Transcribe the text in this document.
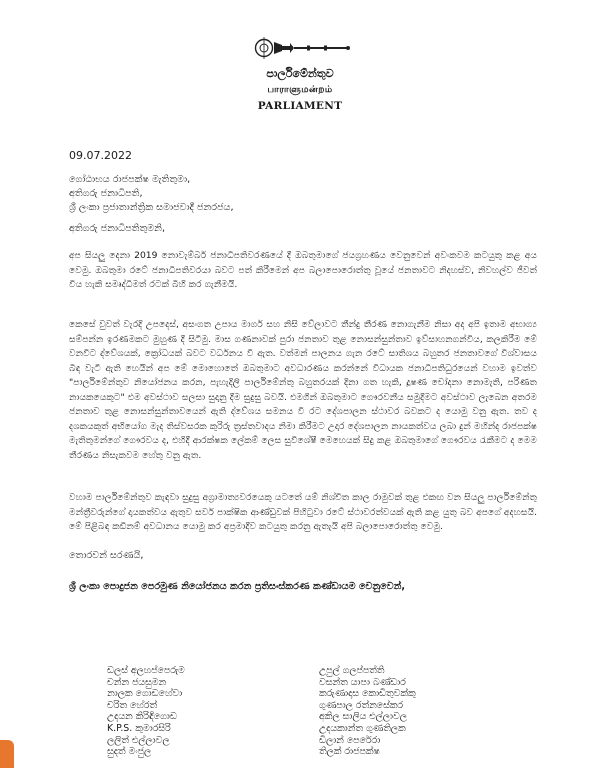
පාර්ලිමේන්තුව
பாராளுமன்றம்
PARLIAMENT
09.07.2022
ගෝඨාභය රාජපක්ෂ මැතිතුමා,
අතිගරු ජනාධිපති,
ශ්‍රී ලංකා ප්‍රජාතාන්ත්‍රික සමාජවාදී ජනරජය,
අතිගරු ජනාධිපතිතුමනි,
අප සියලු දෙනා 2019 නොවැම්බර් ජනාධිපතිවරණයේ දී ඔබතුමාගේ ජයග්‍රහණය වෙනුවෙන් අවංකවම කටයුතු කළ අය වෙමු. ඔබතුමා රටේ ජනාධිපතිවරයා බවට පත් කිරීමෙන් අප බලාපොරොත්තු වූයේ ජනතාවට නිදහස්ව, නිවහල්ව ජීවත් විය හැකි සමෘද්ධිමත් රටක් බිහි කර ගැනීමයි.
කෙසේ වුවත් වැරදි උපදෙස්, අසංගත උපාය මාර්ග සහ නිසි වේලාවට තීන්දු තීරණ නොගැනීම නිසා අද අපි ඉතාම අභාග්‍ය සම්පන්න ඉරණමකට මුහුණ දී සිටිමු. මාස ගණනාවක් පුරා ජනතාව තුළ නොසන්සුන්තාව ඉව්සාහනගන්විය, කලකිරීම මේ වනවිට ද්වේශයක්, ක්‍රෝධයක් බවට වර්ධනය වී ඇත. වත්මන් පාලනය ගැන රටේ සාතිශය බහුතර ජනතාවගේ විශ්වාසය බිඳ වැටී ඇති හෙයින් අප මේ මොහොතේ ඔබතුමාට අවධාරණය කරන්නේ විධායක ජනාධිපතිධුරයෙන් වහාම ඉවත්ව "පාර්ලිමේන්තුව නියෝජනය කරන, පැහැදිලි පාර්ලිමේන්තු බහුතරයක් දිනා ගත හැකි, දූෂණ චෝදනා නොමැති, පරිණත නායකයෙකුට" එම අවස්ථාව සලසා සුදානු දීම සුදුසු බවයි. එමගින් ඔබතුමාට ගෞරවනීය සමුදීමට අවස්ථාව ලැබෙන අතරම ජනතාව තුළ නොසන්සුන්තාවයෙන් ඇති ද්වේශය සමනය වී රට දේශපාලන ස්ථාවර බවකට ද යොමු වනු ඇත. තව ද දශකයකුත් අභියෝග මැද තිස්වසරක කුරිරු ත්‍රස්තවාදය නිමා කිරීමට උදාර දේශපාලන නායකත්වය ලබා දුන් මහින්ද රාජපක්ෂ මැතිතුමන්ගේ ගෞරවය ද, එහිදී ආරක්ෂක ලේකම් ලෙස සුවිශේෂී මෙහෙයක් සිදු කළ ඔබතුමාගේ ගෞරවය රැකීමට ද මෙම තීරණය නිසැකවම හේතු වනු ඇත.
වහාම පාර්ලිමේන්තුව කැඳවා සුදුසු අග්‍රාමාත්‍යවරයෙකු යටතේ යම් නිශ්චිත කාල රාමුවක් තුළ එකඟ වන සියලු පාර්ලිමේන්තු මන්ත්‍රීවරුන්ගේ දායකත්වය ඇතුව සර්ව පාක්ෂික ආණ්ඩුවක් පිහිටුවා රටේ ස්ථාවරත්වයක් ඇති කළ යුතු බව අපගේ අදහසයි. මේ පිළිබඳ කඩිනම් අවධානය යොමු කර අප්‍රමාදීව කටයුතු කරනු ඇතැයි අපි බලාපොරොත්තු වෙමු.
තොරවන් සරණයි,
ශ්‍රී ලංකා පොදුජන පෙරමුණ නියෝජනය කරන ප්‍රතිසංස්කරණ කණ්ඩායම වෙනුවෙන්,
ඩලස් අලහප්පෙරුම
චන්න ජයසුමන
නාලක ගොඩහේවා
චරිත හේරත්
උදයන කිරිඳිගොඩ
K.P.S. කුමාරසිරි
ලලිත් එල්ලාවල
සුදත් මංජුල
උපුල් ගලප්පත්ති
වසන්ත යාපා බණ්ඩාර
කරුණාදාස කොඩිතුවක්කු
ගුණපාල රත්නසේකර
අකිල සාලිය එල්ලාවල
උදයකාන්ත ගුණතිලක
ඩිලාන් පෙරේරා
තිලක් රාජපක්ෂ
